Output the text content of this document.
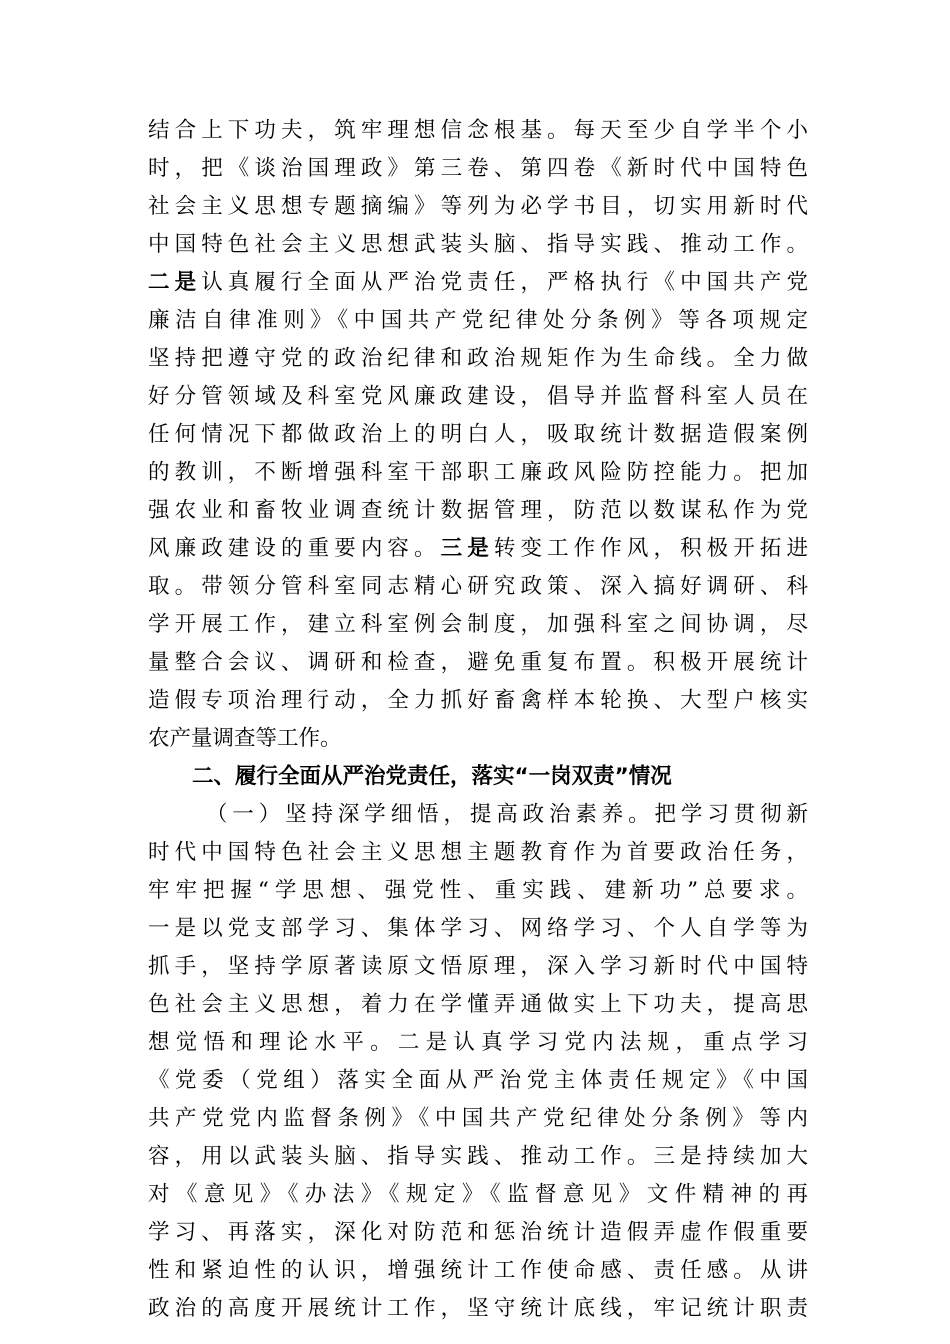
结合上下功夫，筑牢理想信念根基。每天至少自学半个小
时，把《谈治国理政》第三卷、第四卷《新时代中国特色
社会主义思想专题摘编》等列为必学书目，切实用新时代
中国特色社会主义思想武装头脑、指导实践、推动工作。
二是认真履行全面从严治党责任，严格执行《中国共产党
廉洁自律准则》《中国共产党纪律处分条例》等各项规定
坚持把遵守党的政治纪律和政治规矩作为生命线。全力做
好分管领域及科室党风廉政建设，倡导并监督科室人员在
任何情况下都做政治上的明白人，吸取统计数据造假案例
的教训，不断增强科室干部职工廉政风险防控能力。把加
强农业和畜牧业调查统计数据管理，防范以数谋私作为党
风廉政建设的重要内容。三是转变工作作风，积极开拓进
取。带领分管科室同志精心研究政策、深入搞好调研、科
学开展工作，建立科室例会制度，加强科室之间协调，尽
量整合会议、调研和检查，避免重复布置。积极开展统计
造假专项治理行动，全力抓好畜禽样本轮换、大型户核实
农产量调查等工作。
二、履行全面从严治党责任，落实“一岗双责”情况
（一）坚持深学细悟，提高政治素养。把学习贯彻新
时代中国特色社会主义思想主题教育作为首要政治任务，
牢牢把握“学思想、强党性、重实践、建新功”总要求。
一是以党支部学习、集体学习、网络学习、个人自学等为
抓手，坚持学原著读原文悟原理，深入学习新时代中国特
色社会主义思想，着力在学懂弄通做实上下功夫，提高思
想觉悟和理论水平。二是认真学习党内法规，重点学习
《党委（党组）落实全面从严治党主体责任规定》《中国
共产党党内监督条例》《中国共产党纪律处分条例》等内
容，用以武装头脑、指导实践、推动工作。三是持续加大
对《意见》《办法》《规定》《监督意见》文件精神的再
学习、再落实，深化对防范和惩治统计造假弄虚作假重要
性和紧迫性的认识，增强统计工作使命感、责任感。从讲
政治的高度开展统计工作，坚守统计底线，牢记统计职责
